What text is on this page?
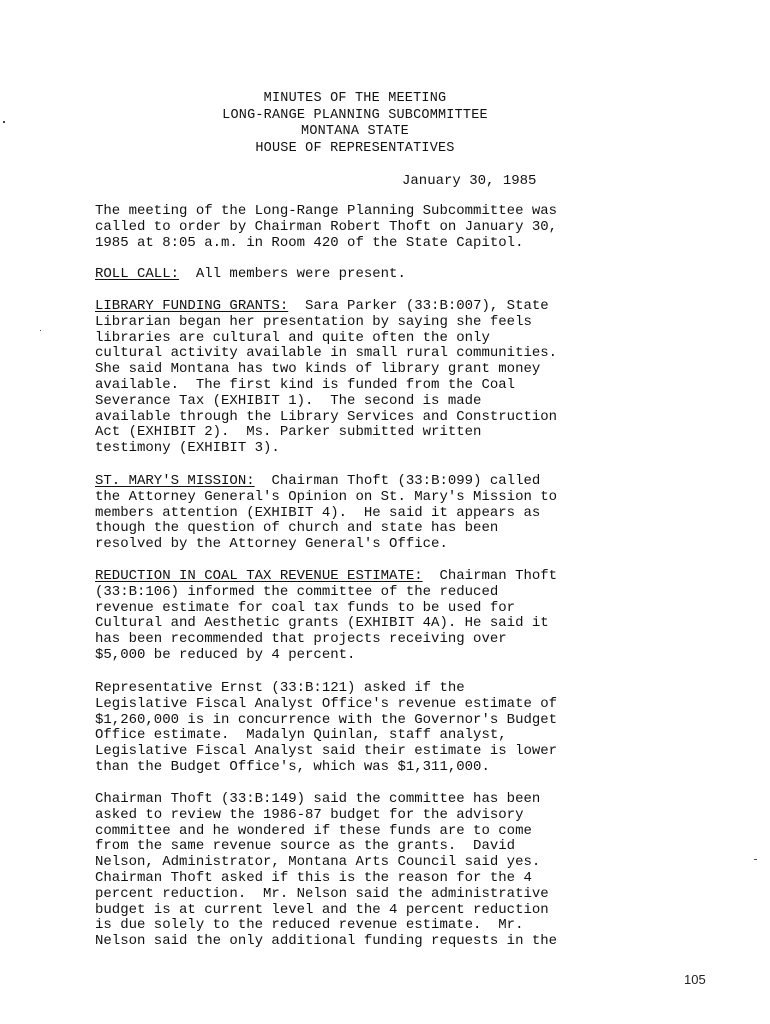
MINUTES OF THE MEETING
LONG-RANGE PLANNING SUBCOMMITTEE
MONTANA STATE
HOUSE OF REPRESENTATIVES
January 30, 1985
The meeting of the Long-Range Planning Subcommittee was
called to order by Chairman Robert Thoft on January 30,
1985 at 8:05 a.m. in Room 420 of the State Capitol.
ROLL CALL:  All members were present.
LIBRARY FUNDING GRANTS:  Sara Parker (33:B:007), State
Librarian began her presentation by saying she feels
libraries are cultural and quite often the only
cultural activity available in small rural communities.
She said Montana has two kinds of library grant money
available.  The first kind is funded from the Coal
Severance Tax (EXHIBIT 1).  The second is made
available through the Library Services and Construction
Act (EXHIBIT 2).  Ms. Parker submitted written
testimony (EXHIBIT 3).
ST. MARY'S MISSION:  Chairman Thoft (33:B:099) called
the Attorney General's Opinion on St. Mary's Mission to
members attention (EXHIBIT 4).  He said it appears as
though the question of church and state has been
resolved by the Attorney General's Office.
REDUCTION IN COAL TAX REVENUE ESTIMATE:  Chairman Thoft
(33:B:106) informed the committee of the reduced
revenue estimate for coal tax funds to be used for
Cultural and Aesthetic grants (EXHIBIT 4A). He said it
has been recommended that projects receiving over
$5,000 be reduced by 4 percent.
Representative Ernst (33:B:121) asked if the
Legislative Fiscal Analyst Office's revenue estimate of
$1,260,000 is in concurrence with the Governor's Budget
Office estimate.  Madalyn Quinlan, staff analyst,
Legislative Fiscal Analyst said their estimate is lower
than the Budget Office's, which was $1,311,000.
Chairman Thoft (33:B:149) said the committee has been
asked to review the 1986-87 budget for the advisory
committee and he wondered if these funds are to come
from the same revenue source as the grants.  David
Nelson, Administrator, Montana Arts Council said yes.
Chairman Thoft asked if this is the reason for the 4
percent reduction.  Mr. Nelson said the administrative
budget is at current level and the 4 percent reduction
is due solely to the reduced revenue estimate.  Mr.
Nelson said the only additional funding requests in the
105
